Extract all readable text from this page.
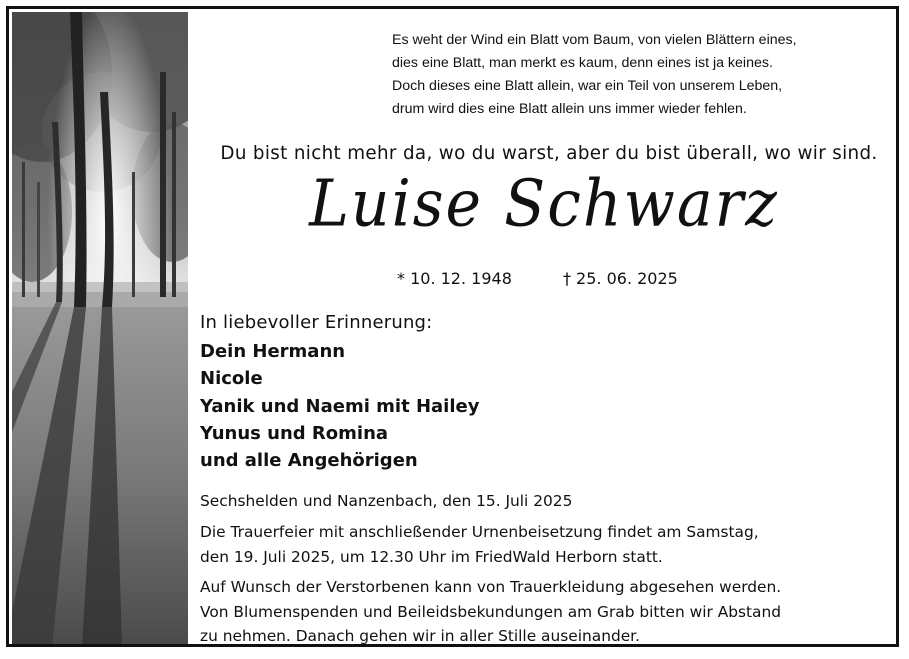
Es weht der Wind ein Blatt vom Baum, von vielen Blättern eines,
dies eine Blatt, man merkt es kaum, denn eines ist ja keines.
Doch dieses eine Blatt allein, war ein Teil von unserem Leben,
drum wird dies eine Blatt allein uns immer wieder fehlen.
Du bist nicht mehr da, wo du warst, aber du bist überall, wo wir sind.
Luise Schwarz
* 10. 12. 1948	† 25. 06. 2025
In liebevoller Erinnerung:
Dein Hermann
Nicole
Yanik und Naemi mit Hailey
Yunus und Romina
und alle Angehörigen
Sechshelden und Nanzenbach, den 15. Juli 2025
Die Trauerfeier mit anschließender Urnenbeisetzung findet am Samstag,
den 19. Juli 2025, um 12.30 Uhr im FriedWald Herborn statt.
Auf Wunsch der Verstorbenen kann von Trauerkleidung abgesehen werden.
Von Blumenspenden und Beileidsbekundungen am Grab bitten wir Abstand
zu nehmen. Danach gehen wir in aller Stille auseinander.
